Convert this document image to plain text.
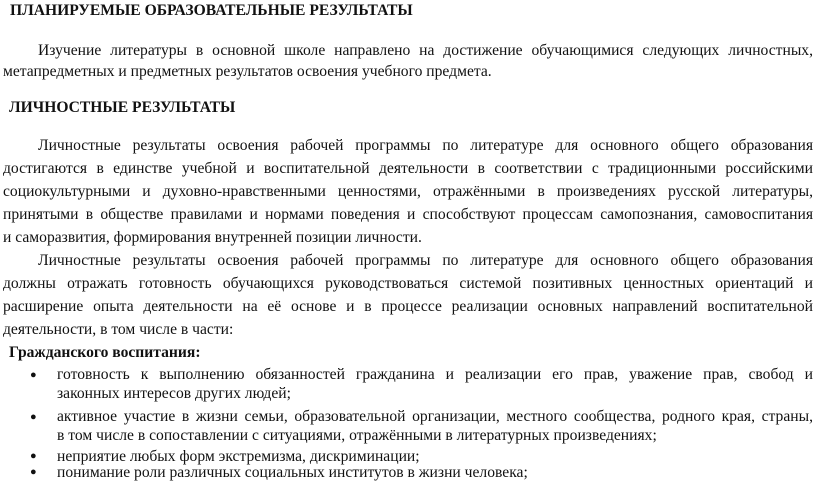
ПЛАНИРУЕМЫЕ ОБРАЗОВАТЕЛЬНЫЕ РЕЗУЛЬТАТЫ
Изучение литературы в основной школе направлено на достижение обучающимися следующих личностных,
метапредметных и предметных результатов освоения учебного предмета.
ЛИЧНОСТНЫЕ РЕЗУЛЬТАТЫ
Личностные результаты освоения рабочей программы по литературе для основного общего образования
достигаются в единстве учебной и воспитательной деятельности в соответствии с традиционными российскими
социокультурными и духовно-нравственными ценностями, отражёнными в произведениях русской литературы,
принятыми в обществе правилами и нормами поведения и способствуют процессам самопознания, самовоспитания
и саморазвития, формирования внутренней позиции личности.
Личностные результаты освоения рабочей программы по литературе для основного общего образования
должны отражать готовность обучающихся руководствоваться системой позитивных ценностных ориентаций и
расширение опыта деятельности на её основе и в процессе реализации основных направлений воспитательной
деятельности, в том числе в части:
Гражданского воспитания:
● готовность к выполнению обязанностей гражданина и реализации его прав, уважение прав, свобод и
законных интересов других людей;
● активное участие в жизни семьи, образовательной организации, местного сообщества, родного края, страны,
в том числе в сопоставлении с ситуациями, отражёнными в литературных произведениях;
● неприятие любых форм экстремизма, дискриминации;
● понимание роли различных социальных институтов в жизни человека;
